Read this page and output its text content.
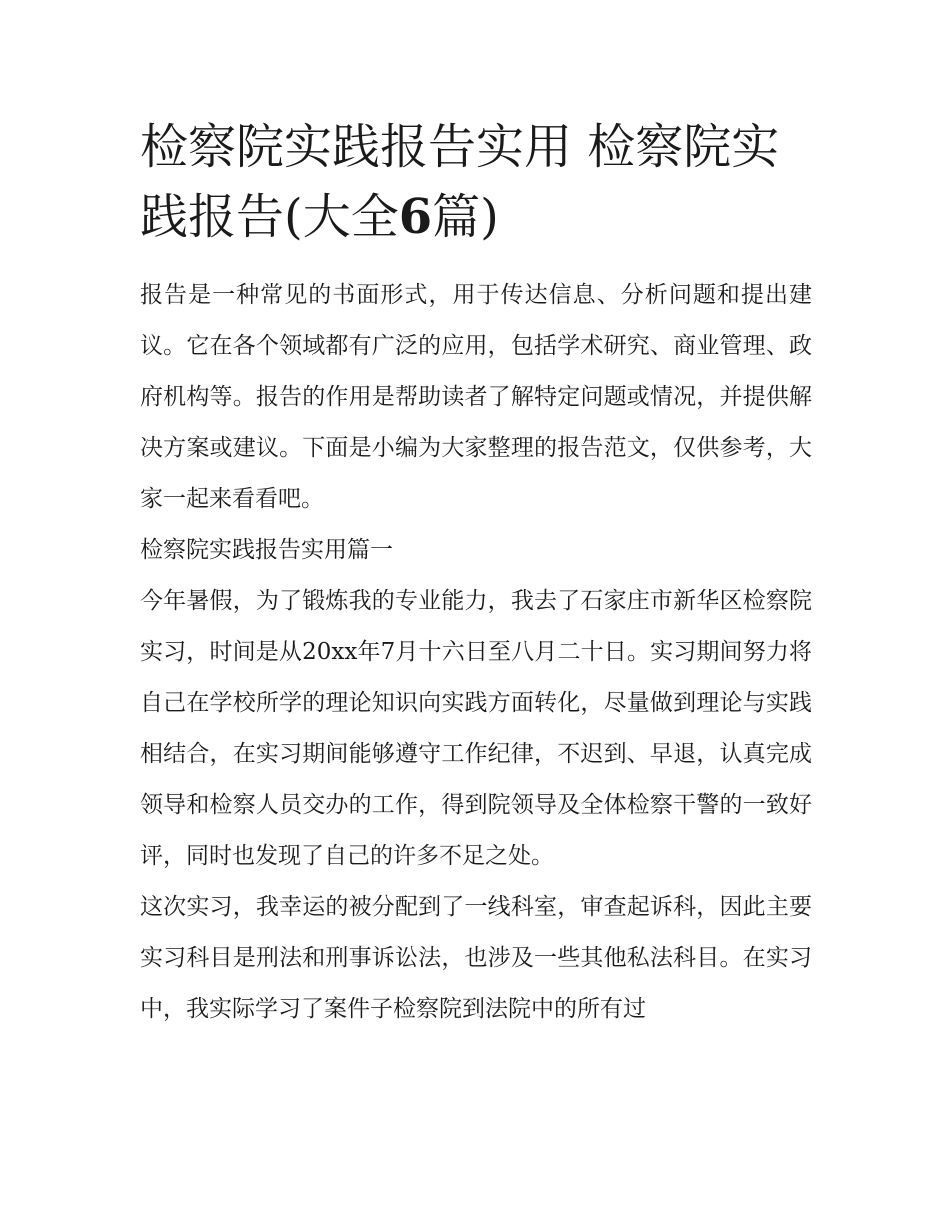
检察院实践报告实用 检察院实践报告(大全6篇)

报告是一种常见的书面形式，用于传达信息、分析问题和提出建议。它在各个领域都有广泛的应用，包括学术研究、商业管理、政府机构等。报告的作用是帮助读者了解特定问题或情况，并提供解决方案或建议。下面是小编为大家整理的报告范文，仅供参考，大家一起来看看吧。

检察院实践报告实用篇一

今年暑假，为了锻炼我的专业能力，我去了石家庄市新华区检察院实习，时间是从20xx年7月十六日至八月二十日。实习期间努力将自己在学校所学的理论知识向实践方面转化，尽量做到理论与实践相结合，在实习期间能够遵守工作纪律，不迟到、早退，认真完成领导和检察人员交办的工作，得到院领导及全体检察干警的一致好评，同时也发现了自己的许多不足之处。

这次实习，我幸运的被分配到了一线科室，审查起诉科，因此主要实习科目是刑法和刑事诉讼法，也涉及一些其他私法科目。在实习中，我实际学习了案件子检察院到法院中的所有过
